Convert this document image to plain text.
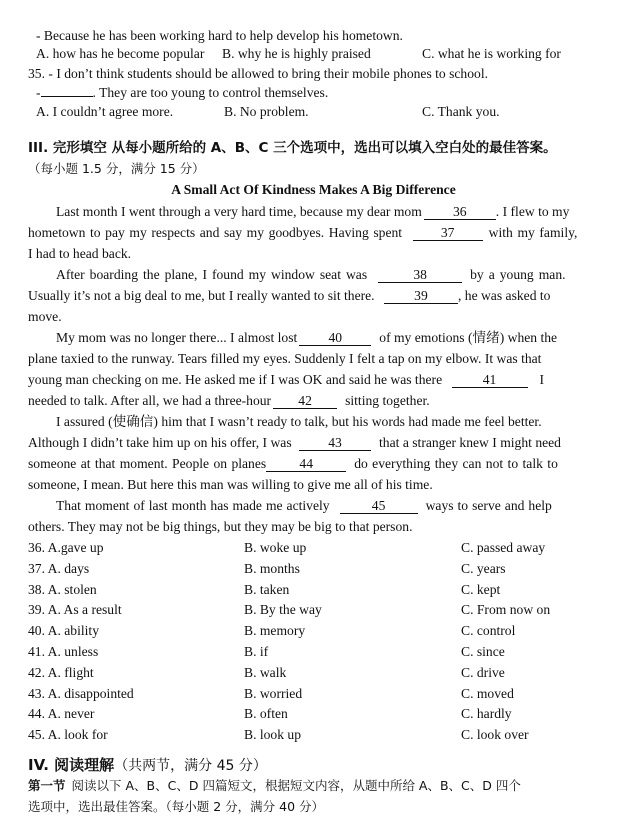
- Because he has been working hard to help develop his hometown.
A. how has he become popular B. why he is highly praised	C. what he is working for
35. - I don’t think students should be allowed to bring their mobile phones to school.
-	. They are too young to control themselves.
A. I couldn’t agree more.	B. No problem.	C. Thank you.
III. 完形填空 从每小题所给的 A、B、C 三个选项中，选出可以填入空白处的最佳答案。
（每小题 1.5 分，满分 15 分）
A Small Act Of Kindness Makes A Big Difference
Last month I went through a very hard time, because my dear mom 36 . I flew to my
hometown to pay my respects and say my goodbyes. Having spent	37	with my family,
I had to head back.
After boarding the plane, I found my window seat was	38	by a young man.
Usually it’s not a big deal to me, but I really wanted to sit there.	39 , he was asked to
move.
My mom was no longer there... I almost lost 40	of my emotions (情绪) when the
plane taxied to the runway. Tears filled my eyes. Suddenly I felt a tap on my elbow. It was that
young man checking on me. He asked me if I was OK and said he was there	41	I
needed to talk. After all, we had a three-hour 42 sitting together.
I assured (使确信) him that I wasn’t ready to talk, but his words had made me feel better.
Although I didn’t take him up on his offer, I was	43	that a stranger knew I might need
someone at that moment. People on planes 44	do everything they can not to talk to
someone, I mean. But here this man was willing to give me all of his time.
That moment of last month has made me actively	45	ways to serve and help
others. They may not be big things, but they may be big to that person.
36. A.gave up	B. woke up	C. passed away
37. A. days	B. months	C. years
38. A. stolen	B. taken	C. kept
39. A. As a result	B. By the way	C. From now on
40. A. ability	B. memory	C. control
41. A. unless	B. if	C. since
42. A. flight	B. walk	C. drive
43. A. disappointed	B. worried	C. moved
44. A. never	B. often	C. hardly
45. A. look for	B. look up	C. look over
IV. 阅读理解（共两节，满分 45 分）
第一节 阅读以下 A、B、C、D 四篇短文，根据短文内容，从题中所给 A、B、C、D 四个
选项中，选出最佳答案。（每小题 2 分，满分 40 分）
